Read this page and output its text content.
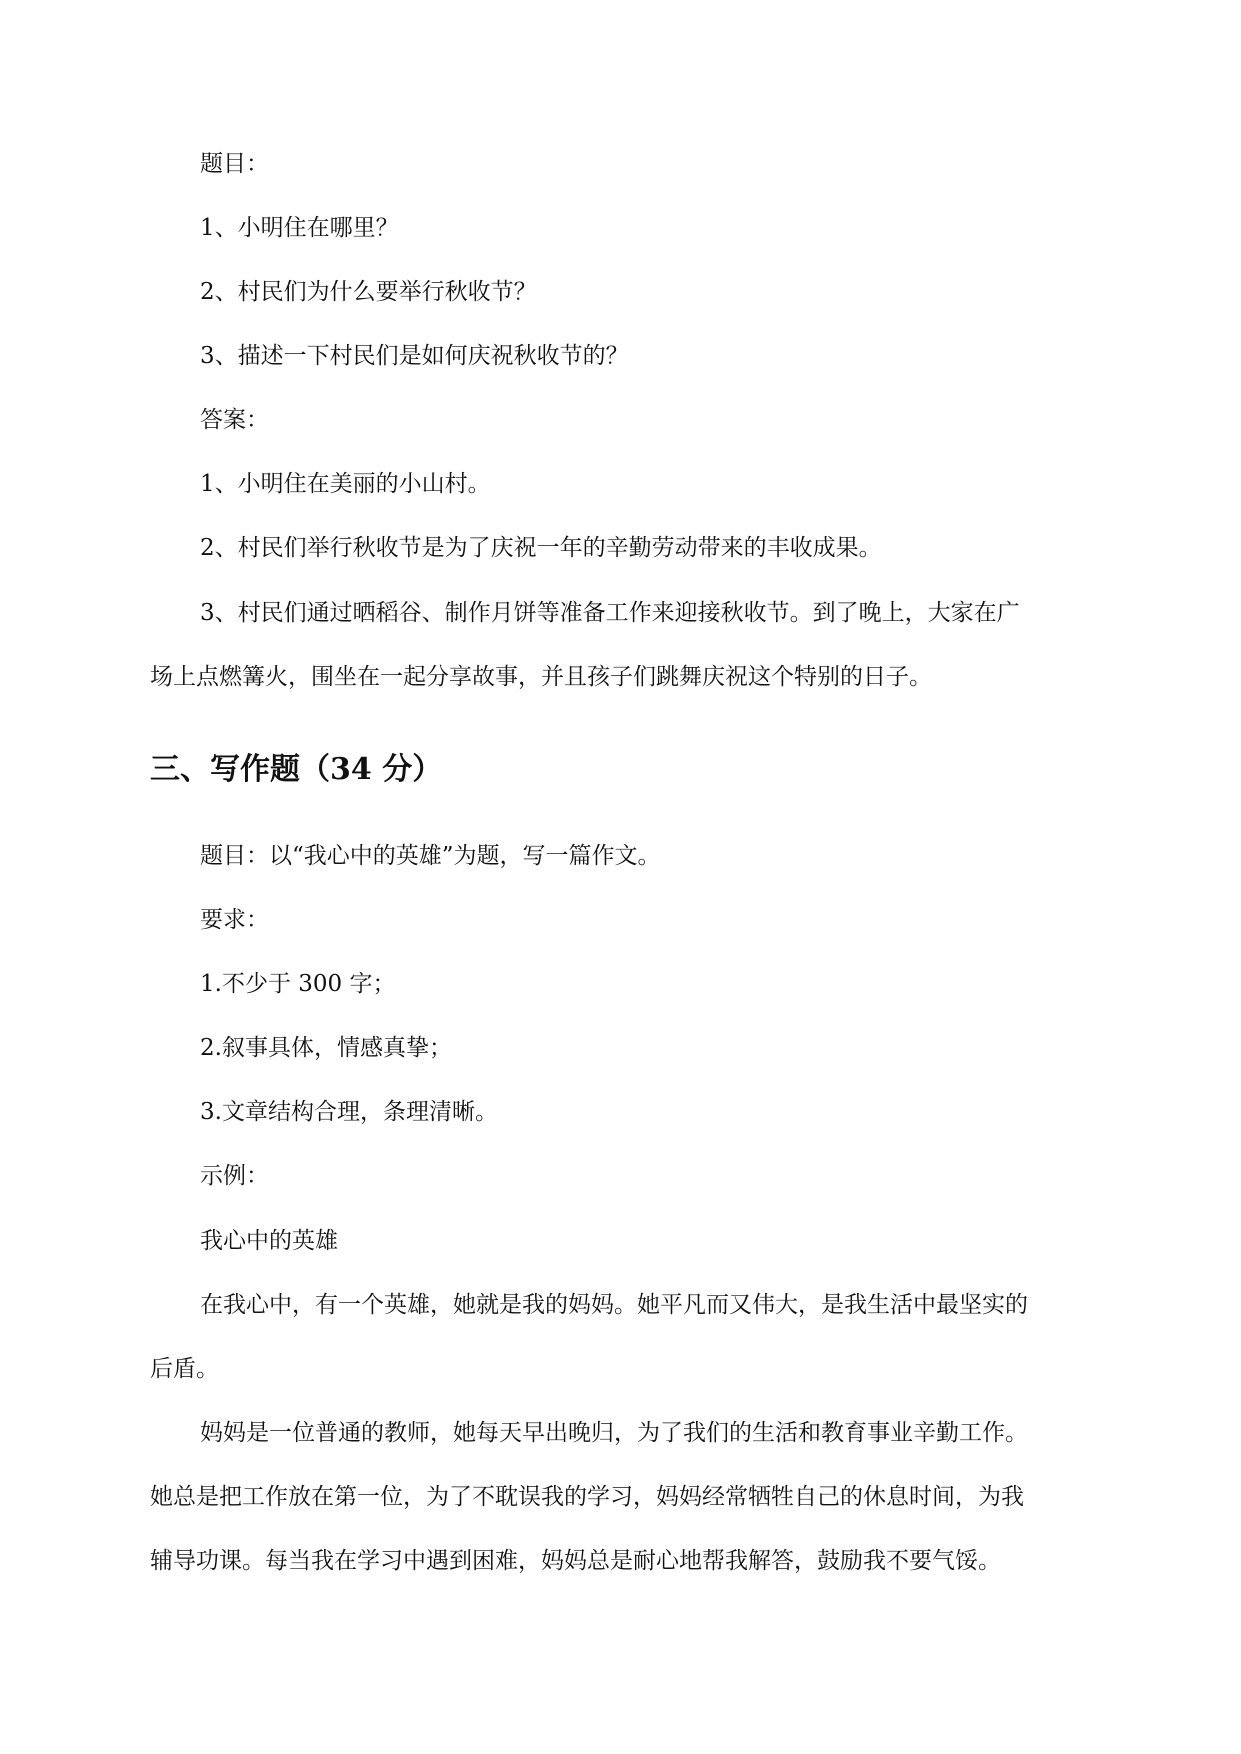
题目：

1、小明住在哪里？

2、村民们为什么要举行秋收节？

3、描述一下村民们是如何庆祝秋收节的？

答案：

1、小明住在美丽的小山村。

2、村民们举行秋收节是为了庆祝一年的辛勤劳动带来的丰收成果。

3、村民们通过晒稻谷、制作月饼等准备工作来迎接秋收节。到了晚上，大家在广

场上点燃篝火，围坐在一起分享故事，并且孩子们跳舞庆祝这个特别的日子。

三、写作题（34 分）

题目：以“我心中的英雄”为题，写一篇作文。

要求：

1.不少于 300 字；

2.叙事具体，情感真挚；

3.文章结构合理，条理清晰。

示例：

我心中的英雄

在我心中，有一个英雄，她就是我的妈妈。她平凡而又伟大，是我生活中最坚实的

后盾。

妈妈是一位普通的教师，她每天早出晚归，为了我们的生活和教育事业辛勤工作。

她总是把工作放在第一位，为了不耽误我的学习，妈妈经常牺牲自己的休息时间，为我

辅导功课。每当我在学习中遇到困难，妈妈总是耐心地帮我解答，鼓励我不要气馁。
